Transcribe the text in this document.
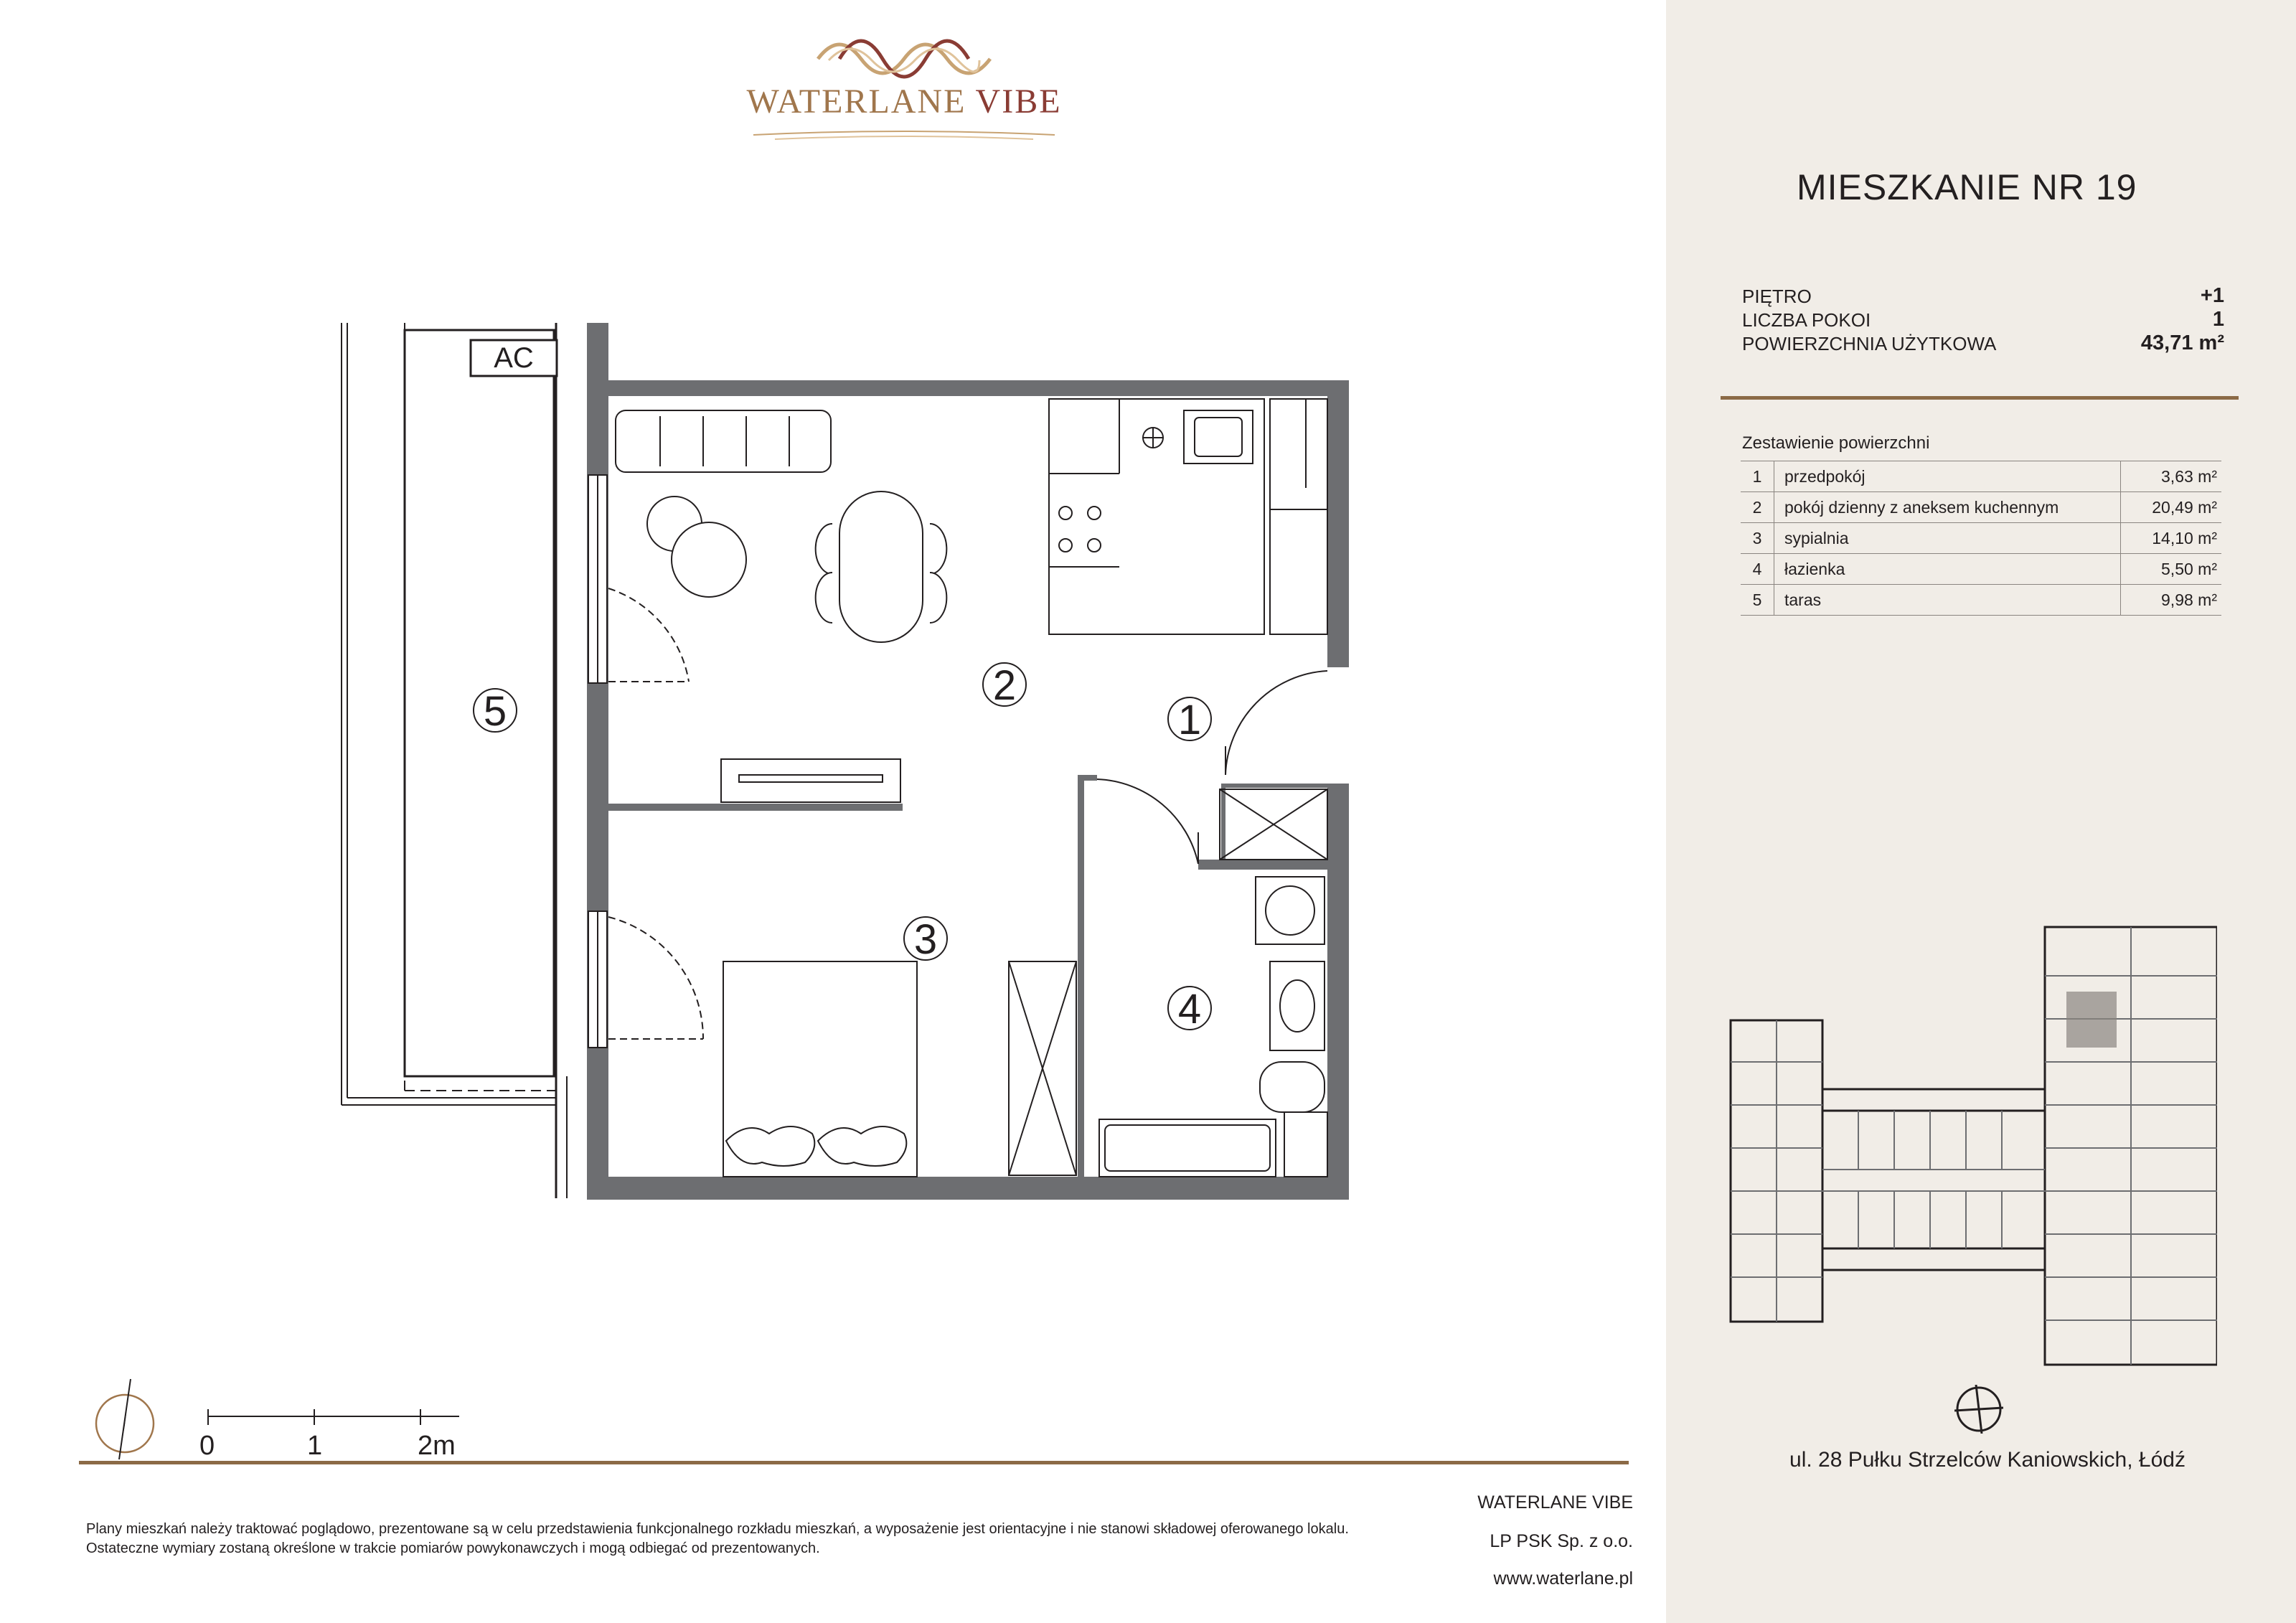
WATERLANE VIBE
AC
2
1
3
4
5
0	1	2m
Plany mieszkań należy traktować poglądowo, prezentowane są w celu przedstawienia funkcjonalnego rozkładu mieszkań, a wyposażenie jest orientacyjne i nie stanowi składowej oferowanego lokalu.
Ostateczne wymiary zostaną określone w trakcie pomiarów powykonawczych i mogą odbiegać od prezentowanych.
WATERLANE VIBE
LP PSK Sp. z o.o.
www.waterlane.pl
MIESZKANIE NR 19
PIĘTRO	+1
LICZBA POKOI	1
POWIERZCHNIA UŻYTKOWA	43,71 m²
Zestawienie powierzchni
1	przedpokój	3,63 m²
2	pokój dzienny z aneksem kuchennym	20,49 m²
3	sypialnia	14,10 m²
4	łazienka	5,50 m²
5	taras	9,98 m²
ul. 28 Pułku Strzelców Kaniowskich, Łódź
